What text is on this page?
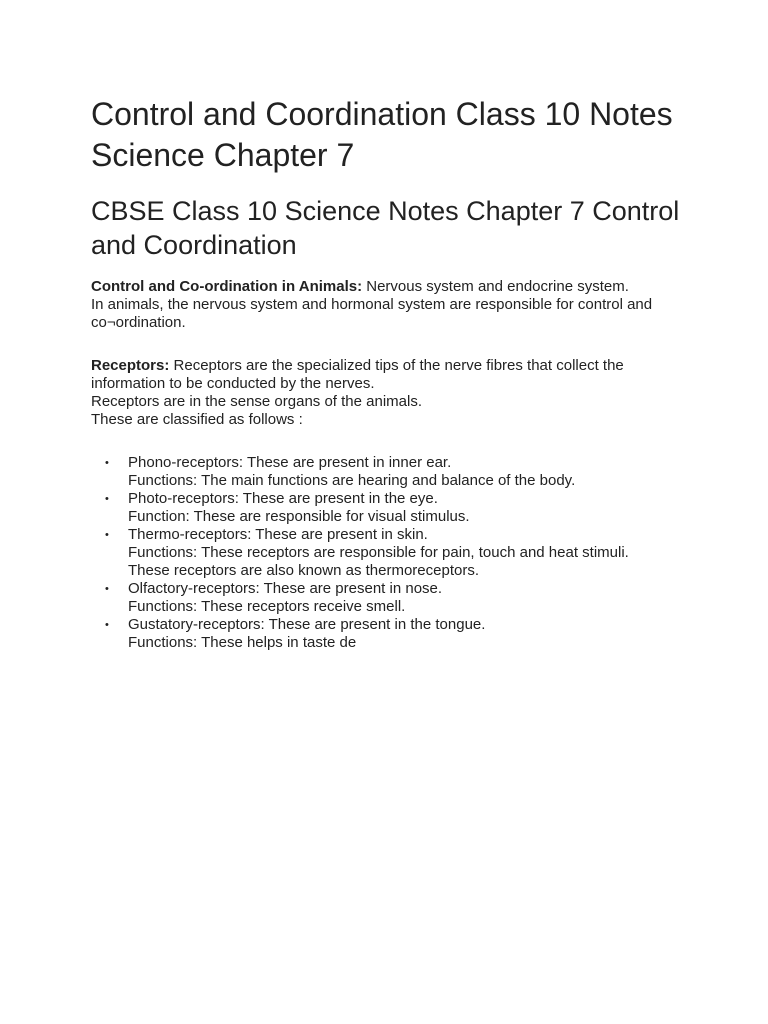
Control and Coordination Class 10 Notes Science Chapter 7
CBSE Class 10 Science Notes Chapter 7 Control and Coordination

Control and Co-ordination in Animals: Nervous system and endocrine system.
In animals, the nervous system and hormonal system are responsible for control and co¬ordination.

Receptors: Receptors are the specialized tips of the nerve fibres that collect the information to be conducted by the nerves.
Receptors are in the sense organs of the animals.
These are classified as follows :

• Phono-receptors: These are present in inner ear.
Functions: The main functions are hearing and balance of the body.
• Photo-receptors: These are present in the eye.
Function: These are responsible for visual stimulus.
• Thermo-receptors: These are present in skin.
Functions: These receptors are responsible for pain, touch and heat stimuli.
These receptors are also known as thermoreceptors.
• Olfactory-receptors: These are present in nose.
Functions: These receptors receive smell.
• Gustatory-receptors: These are present in the tongue.
Functions: These helps in taste de
